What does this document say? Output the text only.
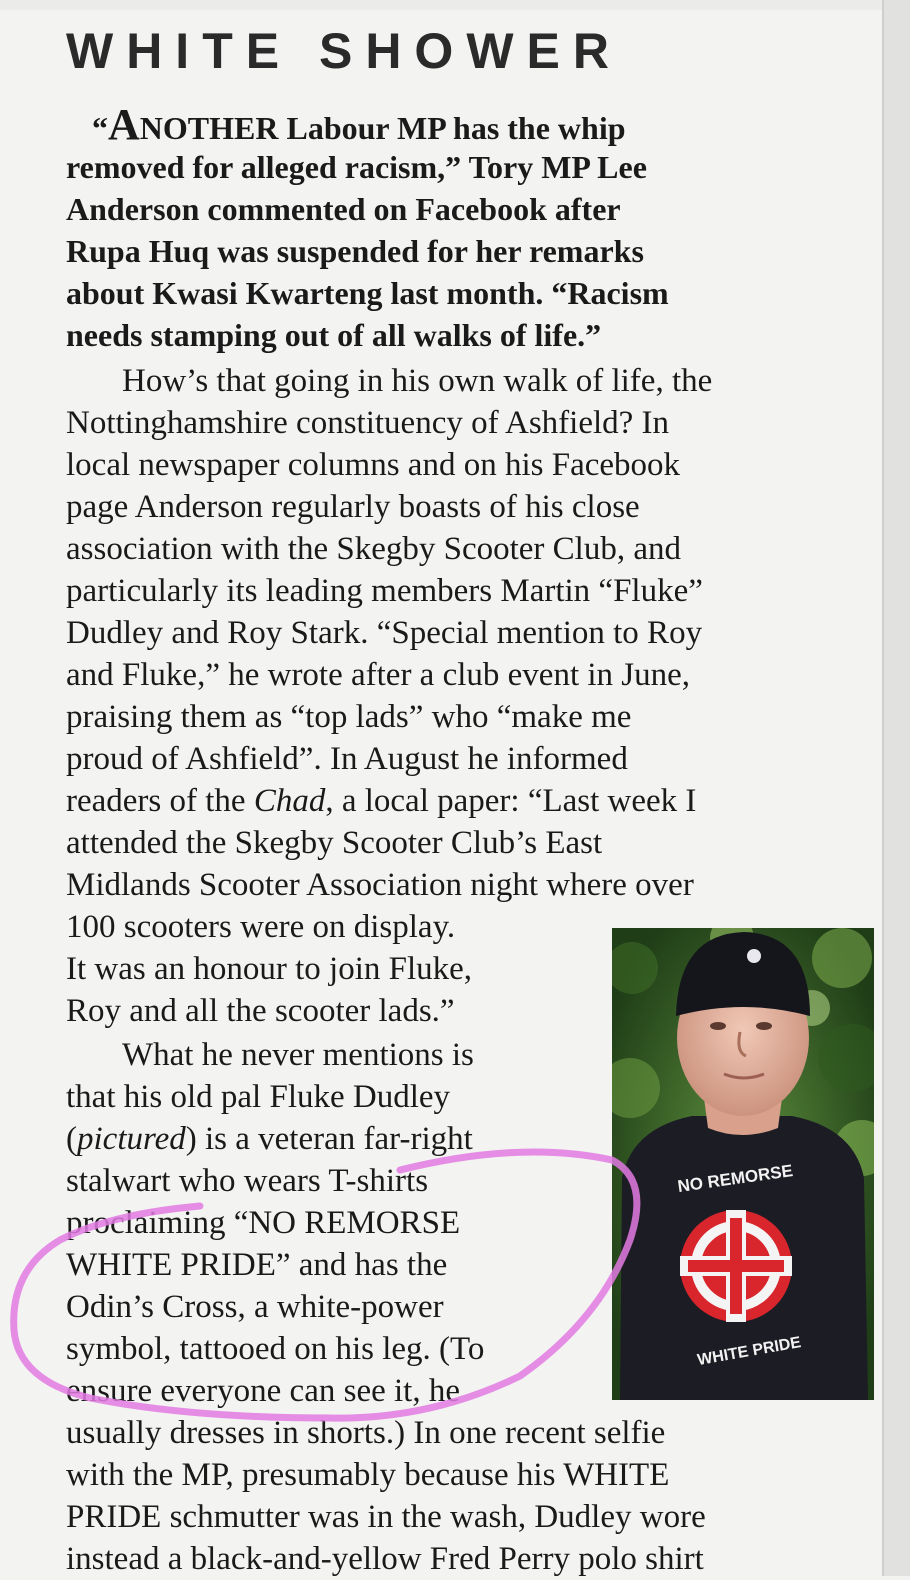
WHITE SHOWER
“ANOTHER Labour MP has the whip
removed for alleged racism,” Tory MP Lee
Anderson commented on Facebook after
Rupa Huq was suspended for her remarks
about Kwasi Kwarteng last month. “Racism
needs stamping out of all walks of life.”
How’s that going in his own walk of life, the
Nottinghamshire constituency of Ashfield? In
local newspaper columns and on his Facebook
page Anderson regularly boasts of his close
association with the Skegby Scooter Club, and
particularly its leading members Martin “Fluke”
Dudley and Roy Stark. “Special mention to Roy
and Fluke,” he wrote after a club event in June,
praising them as “top lads” who “make me
proud of Ashfield”. In August he informed
readers of the Chad, a local paper: “Last week I
attended the Skegby Scooter Club’s East
Midlands Scooter Association night where over
100 scooters were on display.
It was an honour to join Fluke,
Roy and all the scooter lads.”
What he never mentions is
that his old pal Fluke Dudley
(pictured) is a veteran far-right
stalwart who wears T-shirts
proclaiming “NO REMORSE
WHITE PRIDE” and has the
Odin’s Cross, a white-power
symbol, tattooed on his leg. (To
ensure everyone can see it, he
usually dresses in shorts.) In one recent selfie
with the MP, presumably because his WHITE
PRIDE schmutter was in the wash, Dudley wore
instead a black-and-yellow Fred Perry polo shirt
NO REMORSE
WHITE PRIDE
